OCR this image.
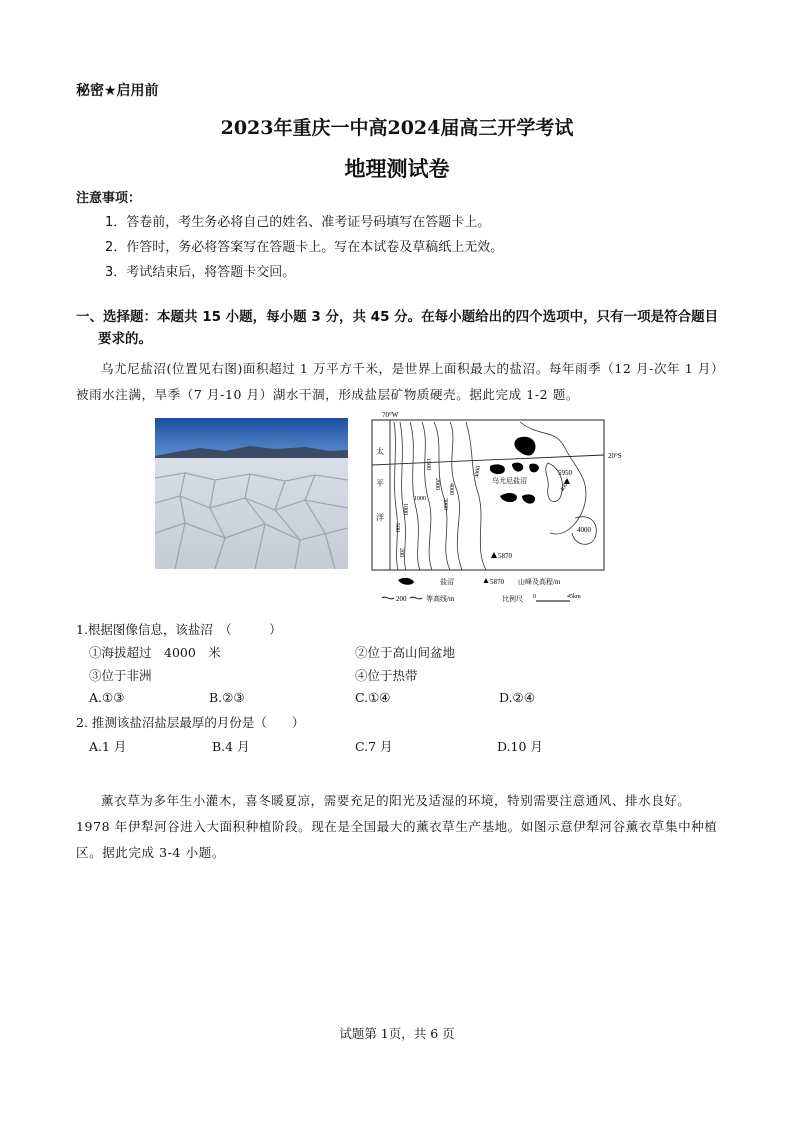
秘密★启用前
2023年重庆一中高2024届高三开学考试
地理测试卷
注意事项：
1．答卷前，考生务必将自己的姓名、准考证号码填写在答题卡上。
2．作答时，务必将答案写在答题卡上。写在本试卷及草稿纸上无效。
3．考试结束后，将答题卡交回。
一、选择题：本题共 15 小题，每小题 3 分，共 45 分。在每小题给出的四个选项中，只有一项是符合题目
要求的。
乌尤尼盐沼(位置见右图)面积超过 1 万平方千米，是世界上面积最大的盐沼。每年雨季（12 月-次年 1 月）被雨水注满，旱季（7 月-10 月）湖水干涸，形成盐层矿物质硬壳。据此完成 1-2 题。
70°W
20°S
太
平
洋
1000
1500
2000
3000
4000
4000
1000
500
200
乌尤尼盐沼
5950
5870
4000
4000
盐沼	5870 山峰及高程/m
200	等高线/m	比例尺 0	45km
1.根据图像信息，该盐沼　（　　　）
①海拔超过　4000　米	②位于高山间盆地
③位于非洲	④位于热带
A.①③	B.②③	C.①④	D.②④
2. 推测该盐沼盐层最厚的月份是（　　）
A.1 月	B.4 月	C.7 月	D.10 月
薰衣草为多年生小灌木，喜冬暖夏凉，需要充足的阳光及适湿的环境，特别需要注意通风、排水良好。1978 年伊犁河谷进入大面积种植阶段。现在是全国最大的薰衣草生产基地。如图示意伊犁河谷薰衣草集中种植区。据此完成 3-4 小题。
试题第 1页，共 6 页
